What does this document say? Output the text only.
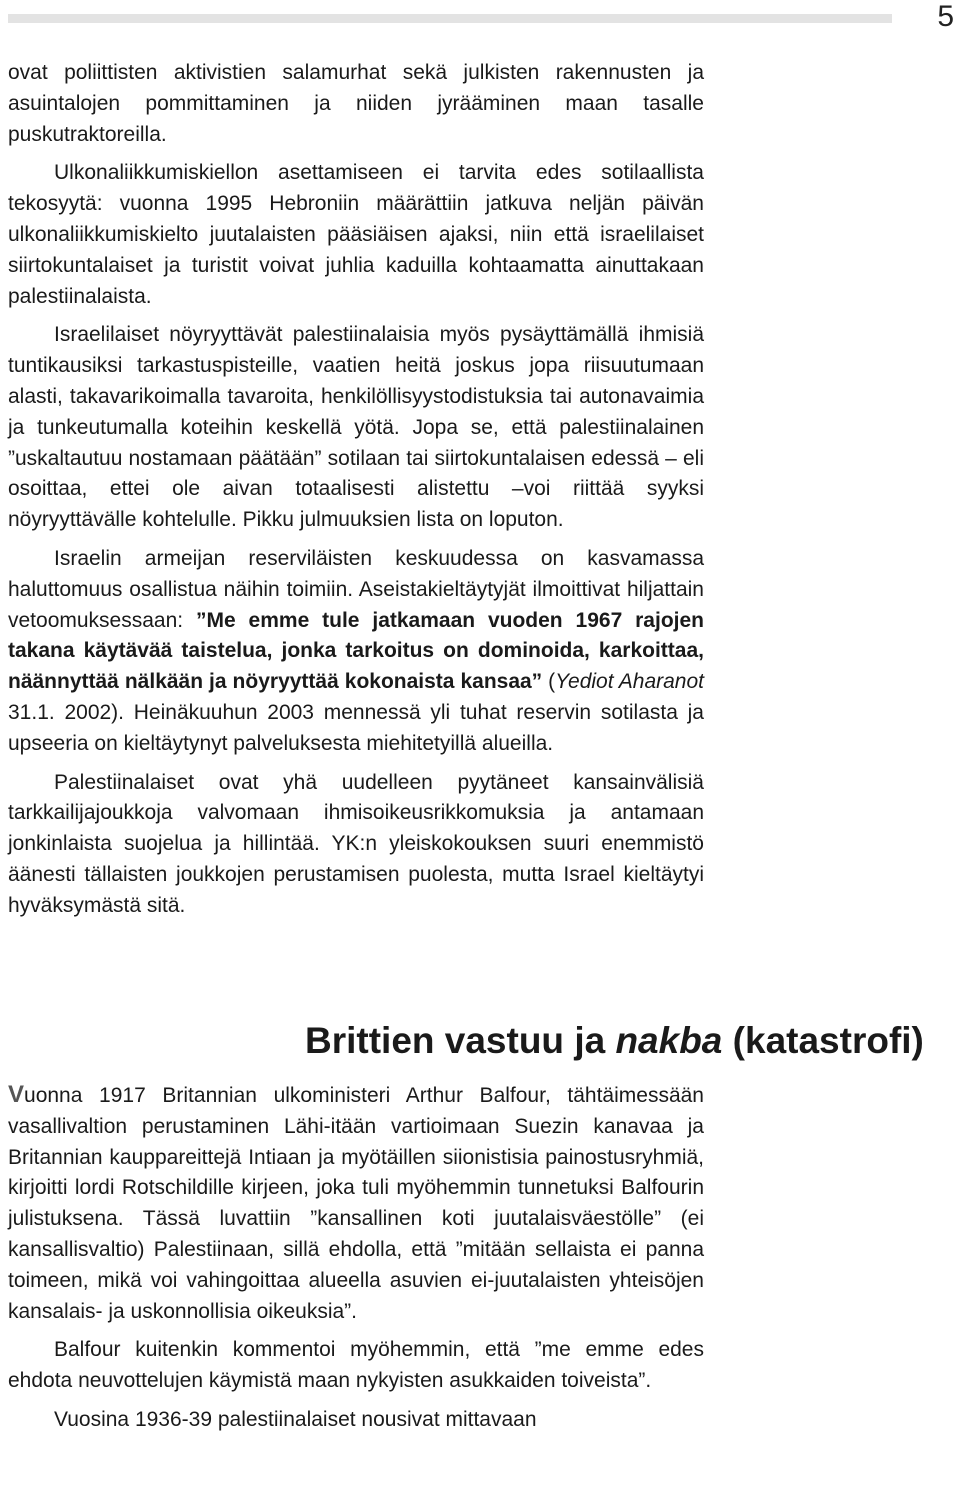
5

ovat poliittisten aktivistien salamurhat sekä julkisten rakennusten ja asuintalojen pommittaminen ja niiden jyrääminen maan tasalle puskutraktoreilla.

Ulkonaliikkumiskiellon asettamiseen ei tarvita edes sotilaallista tekosyytä: vuonna 1995 Hebroniin määrättiin jatkuva neljän päivän ulkonaliikkumiskielto juutalaisten pääsiäisen ajaksi, niin että israelilaiset siirtokuntalaiset ja turistit voivat juhlia kaduilla kohtaamatta ainuttakaan palestiinalaista.

Israelilaiset nöyryyttävät palestiinalaisia myös pysäyttämällä ihmisiä tuntikausiksi tarkastuspisteille, vaatien heitä joskus jopa riisuutumaan alasti, takavarikoimalla tavaroita, henkilöllisyystodistuksia tai autonavaimia ja tunkeutumalla koteihin keskellä yötä. Jopa se, että palestiinalainen ”uskaltautuu nostamaan päätään” sotilaan tai siirtokuntalaisen edessä – eli osoittaa, ettei ole aivan totaalisesti alistettu –voi riittää syyksi nöyryyttävälle kohtelulle. Pikku julmuuksien lista on loputon.

Israelin armeijan reserviläisten keskuudessa on kasvamassa haluttomuus osallistua näihin toimiin. Aseistakieltäytyjät ilmoittivat hiljattain vetoomuksessaan: ”Me emme tule jatkamaan vuoden 1967 rajojen takana käytävää taistelua, jonka tarkoitus on dominoida, karkoittaa, näännyttää nälkään ja nöyryyttää kokonaista kansaa” (Yediot Aharanot 31.1. 2002). Heinäkuuhun 2003 mennessä yli tuhat reservin sotilasta ja upseeria on kieltäytynyt palveluksesta miehitetyillä alueilla.

Palestiinalaiset ovat yhä uudelleen pyytäneet kansainvälisiä tarkkailijajoukkoja valvomaan ihmisoikeusrikkomuksia ja antamaan jonkinlaista suojelua ja hillintää. YK:n yleiskokouksen suuri enemmistö äänesti tällaisten joukkojen perustamisen puolesta, mutta Israel kieltäytyi hyväksymästä sitä.

Brittien vastuu ja nakba (katastrofi)

Vuonna 1917 Britannian ulkoministeri Arthur Balfour, tähtäimessään vasallivaltion perustaminen Lähi-itään vartioimaan Suezin kanavaa ja Britannian kauppareittejä Intiaan ja myötäillen siionistisia painostusryhmiä, kirjoitti lordi Rotschildille kirjeen, joka tuli myöhemmin tunnetuksi Balfourin julistuksena. Tässä luvattiin ”kansallinen koti juutalaisväestölle” (ei kansallisvaltio) Palestiinaan, sillä ehdolla, että ”mitään sellaista ei panna toimeen, mikä voi vahingoittaa alueella asuvien ei-juutalaisten yhteisöjen kansalais- ja uskonnollisia oikeuksia”.

Balfour kuitenkin kommentoi myöhemmin, että ”me emme edes ehdota neuvottelujen käymistä maan nykyisten asukkaiden toiveista”.

Vuosina 1936-39 palestiinalaiset nousivat mittavaan
